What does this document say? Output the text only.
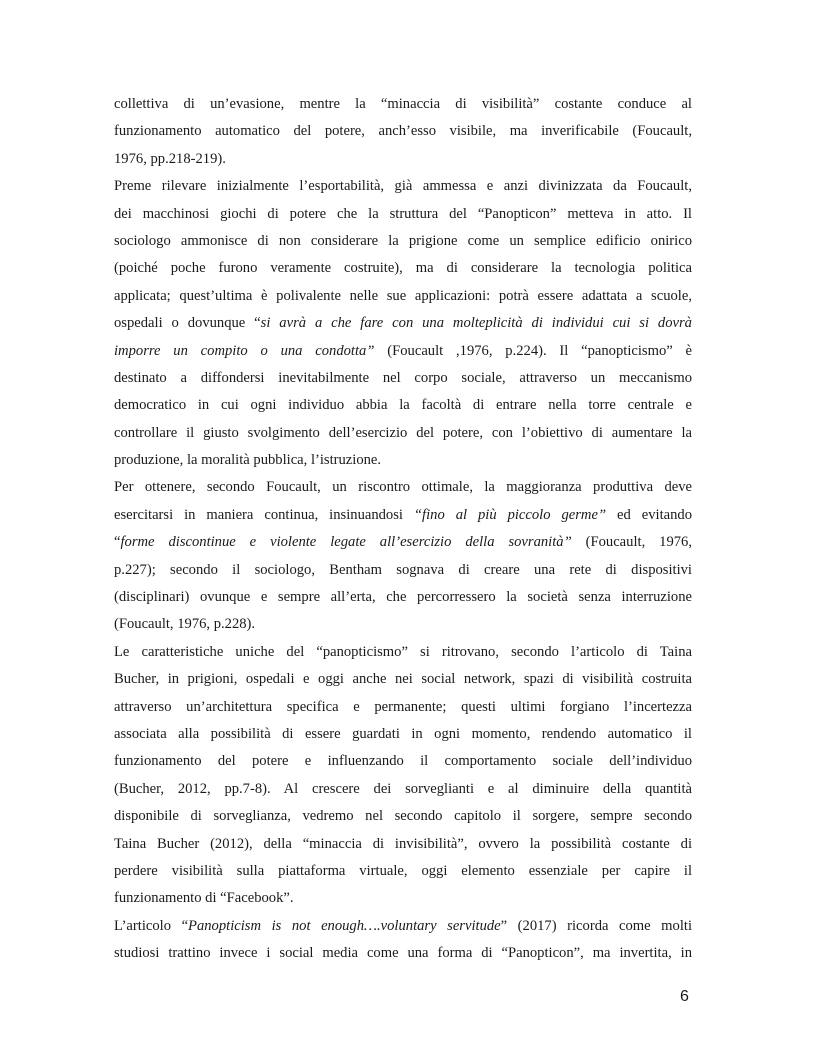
collettiva di un’evasione, mentre la “minaccia di visibilità” costante conduce al
funzionamento automatico del potere, anch’esso visibile, ma inverificabile (Foucault,
1976, pp.218-219).
Preme rilevare inizialmente l’esportabilità, già ammessa e anzi divinizzata da Foucault,
dei macchinosi giochi di potere che la struttura del “Panopticon” metteva in atto. Il
sociologo ammonisce di non considerare la prigione come un semplice edificio onirico
(poiché poche furono veramente costruite), ma di considerare la tecnologia politica
applicata; quest’ultima è polivalente nelle sue applicazioni: potrà essere adattata a scuole,
ospedali o dovunque “si avrà a che fare con una molteplicità di individui cui si dovrà
imporre un compito o una condotta” (Foucault ,1976, p.224). Il “panopticismo” è
destinato a diffondersi inevitabilmente nel corpo sociale, attraverso un meccanismo
democratico in cui ogni individuo abbia la facoltà di entrare nella torre centrale e
controllare il giusto svolgimento dell’esercizio del potere, con l’obiettivo di aumentare la
produzione, la moralità pubblica, l’istruzione.
Per ottenere, secondo Foucault, un riscontro ottimale, la maggioranza produttiva deve
esercitarsi in maniera continua, insinuandosi “fino al più piccolo germe” ed evitando
“forme discontinue e violente legate all’esercizio della sovranità” (Foucault, 1976,
p.227); secondo il sociologo, Bentham sognava di creare una rete di dispositivi
(disciplinari) ovunque e sempre all’erta, che percorressero la società senza interruzione
(Foucault, 1976, p.228).
Le caratteristiche uniche del “panopticismo” si ritrovano, secondo l’articolo di Taina
Bucher, in prigioni, ospedali e oggi anche nei social network, spazi di visibilità costruita
attraverso un’architettura specifica e permanente; questi ultimi forgiano l’incertezza
associata alla possibilità di essere guardati in ogni momento, rendendo automatico il
funzionamento del potere e influenzando il comportamento sociale dell’individuo
(Bucher, 2012, pp.7-8). Al crescere dei sorveglianti e al diminuire della quantità
disponibile di sorveglianza, vedremo nel secondo capitolo il sorgere, sempre secondo
Taina Bucher (2012), della “minaccia di invisibilità”, ovvero la possibilità costante di
perdere visibilità sulla piattaforma virtuale, oggi elemento essenziale per capire il
funzionamento di “Facebook”.
L’articolo “Panopticism is not enough….voluntary servitude” (2017) ricorda come molti
studiosi trattino invece i social media come una forma di “Panopticon”, ma invertita, in
6
